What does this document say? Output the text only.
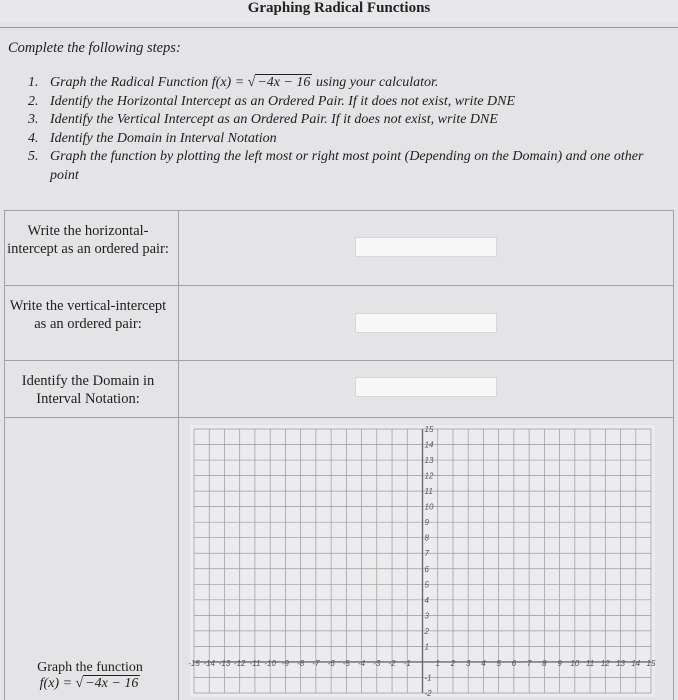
Graphing Radical Functions
Complete the following steps:
1. Graph the Radical Function f(x) = √ −4x − 16 using your calculator.
2. Identify the Horizontal Intercept as an Ordered Pair. If it does not exist, write DNE
3. Identify the Vertical Intercept as an Ordered Pair. If it does not exist, write DNE
4. Identify the Domain in Interval Notation
5. Graph the function by plotting the left most or right most point (Depending on the Domain) and one other point
Write the horizontal-intercept as an ordered pair:
Write the vertical-intercept as an ordered pair:
Identify the Domain in Interval Notation:
Graph the function
f(x) = √ −4x − 16
-15 -14 -13 -12 -11 -10 -9 -8 -7 -6 -5 -4 -3 -2 -1	1 2 3 4 5 6 7 8 9 10 11 12 13 14 15
-2
-1
1
2
3
4
5
6
7
8
9
10
11
12
13
14
15
